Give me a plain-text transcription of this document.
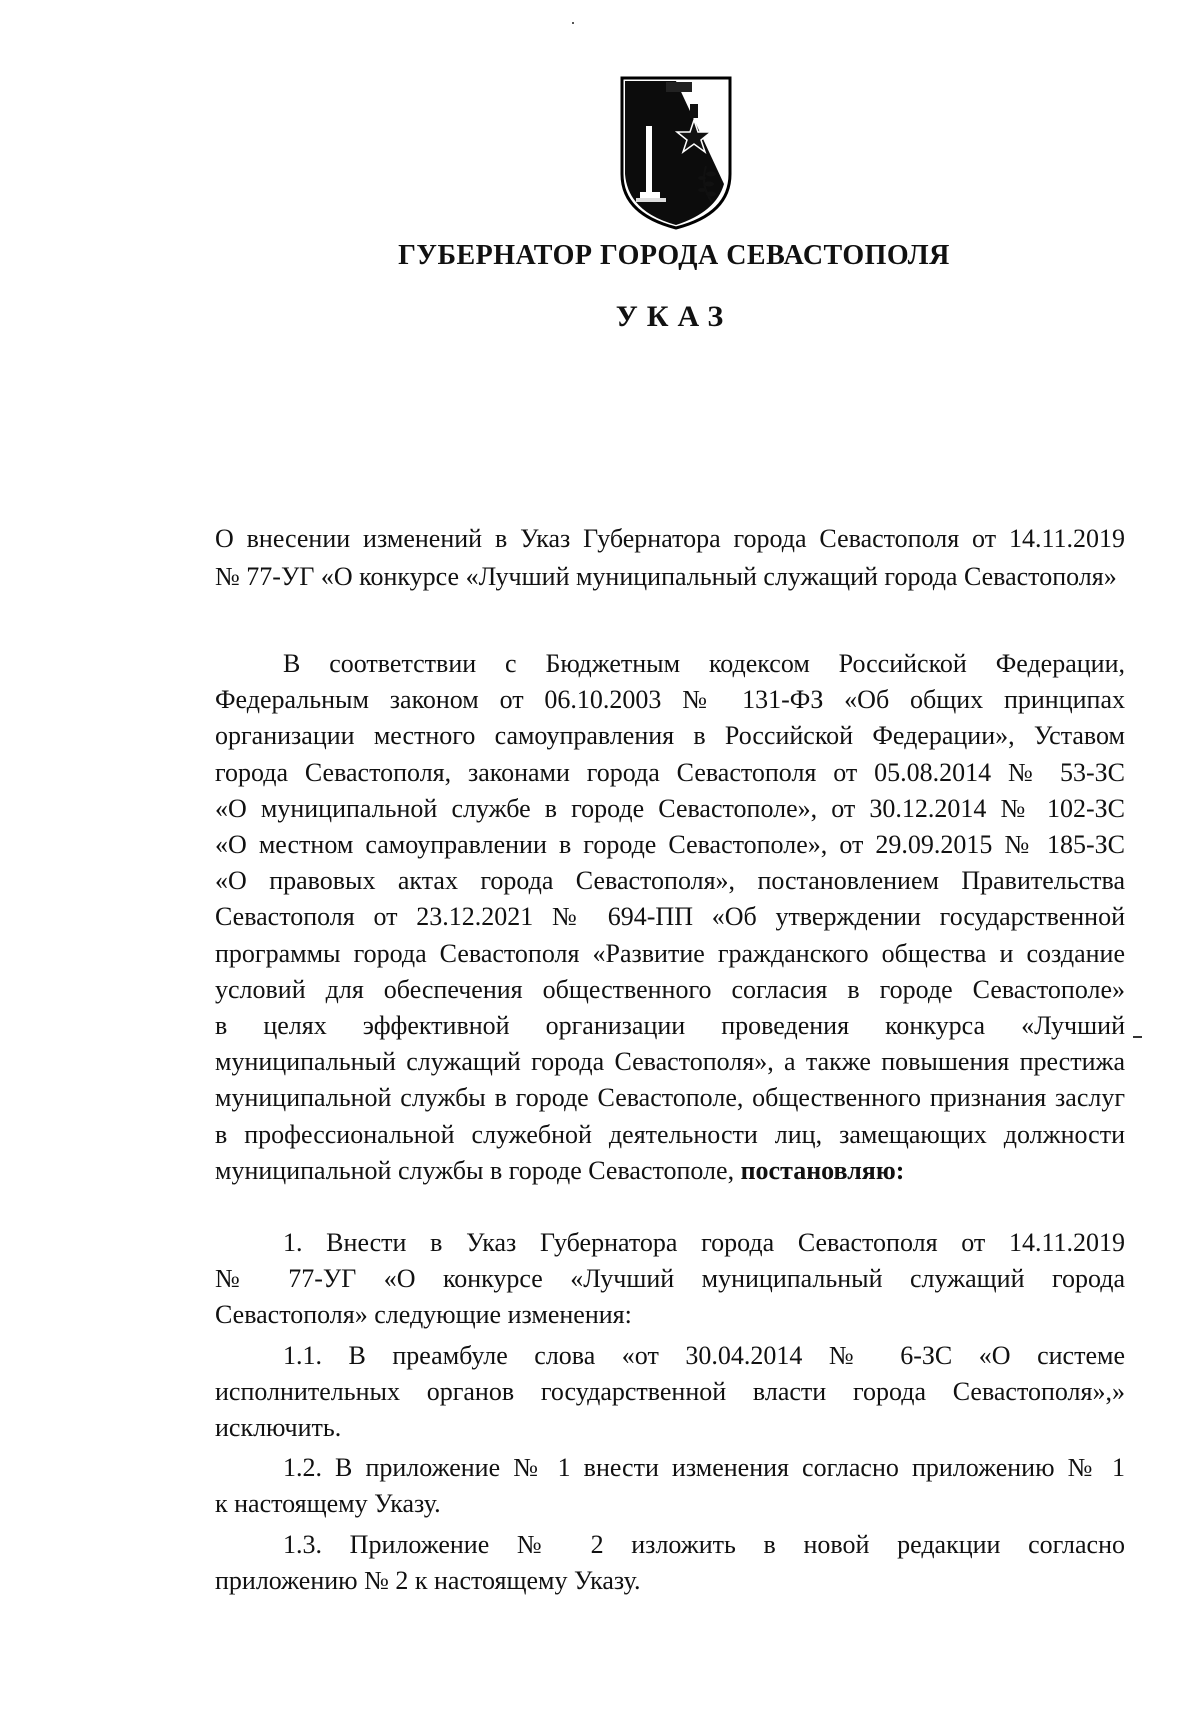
ГУБЕРНАТОР ГОРОДА СЕВАСТОПОЛЯ
УКАЗ
О внесении изменений в Указ Губернатора города Севастополя от 14.11.2019
№ 77-УГ «О конкурсе «Лучший муниципальный служащий города Севастополя»

В соответствии с Бюджетным кодексом Российской Федерации,
Федеральным законом от 06.10.2003 № 131-ФЗ «Об общих принципах
организации местного самоуправления в Российской Федерации», Уставом
города Севастополя, законами города Севастополя от 05.08.2014 № 53-ЗС
«О муниципальной службе в городе Севастополе», от 30.12.2014 № 102-ЗС
«О местном самоуправлении в городе Севастополе», от 29.09.2015 № 185-ЗС
«О правовых актах города Севастополя», постановлением Правительства
Севастополя от 23.12.2021 № 694-ПП «Об утверждении государственной
программы города Севастополя «Развитие гражданского общества и создание
условий для обеспечения общественного согласия в городе Севастополе»
в целях эффективной организации проведения конкурса «Лучший
муниципальный служащий города Севастополя», а также повышения престижа
муниципальной службы в городе Севастополе, общественного признания заслуг
в профессиональной служебной деятельности лиц, замещающих должности
муниципальной службы в городе Севастополе, постановляю:

1. Внести в Указ Губернатора города Севастополя от 14.11.2019
№ 77-УГ «О конкурсе «Лучший муниципальный служащий города
Севастополя» следующие изменения:

1.1. В преамбуле слова «от 30.04.2014 № 6-ЗС «О системе
исполнительных органов государственной власти города Севастополя»,»
исключить.

1.2. В приложение № 1 внести изменения согласно приложению № 1
к настоящему Указу.

1.3. Приложение № 2 изложить в новой редакции согласно
приложению № 2 к настоящему Указу.
